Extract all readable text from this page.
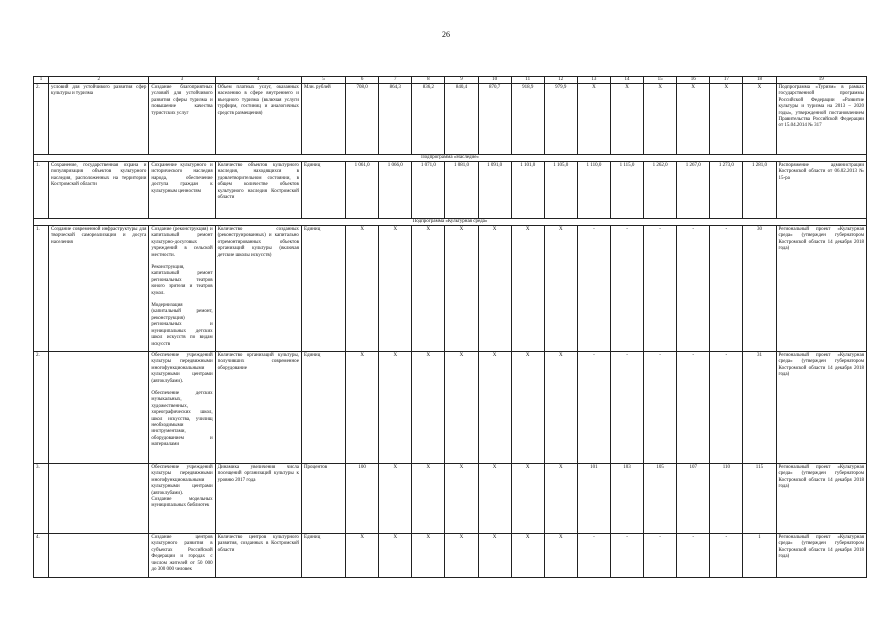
26
1	2	3	4	5	6	7	8	9	10	11	12	13	14	15	16	17	18	19
2.	условий для устойчивого развития сфер культуры и туризма	Создание благоприятных условий для устойчивого развития сферы туризма и повышение качества туристских услуг	Объем платных услуг, оказанных населению в сфере внутреннего и въездного туризма (включая услуги турфирм, гостиниц и аналогичных средств размещения)	Млн. рублей	708,0	864,3	836,2	840,4	870,7	918,9	979,9	Х	Х	Х	Х	Х	Х	Подпрограмма «Туризм» в рамках государственной программы Российской Федерации «Развитие культуры и туризма на 2013 – 2020 годы», утвержденной постановлением Правительства Российской Федерации от 15.04.2014 № 317
Подпрограмма «Наследие»																		
1.	Сохранение, государственная охрана и популяризация объектов культурного наследия, расположенных на территории Костромской области	Сохранение культурного и исторического наследия народа, обеспечение доступа граждан к культурным ценностям	Количество объектов культурного наследия, находящихся в удовлетворительном состоянии, в общем количестве объектов культурного наследия Костромской области	Единиц	1 061,0	1 066,0	1 071,0	1 081,0	1 091,0	1 101,0	1 105,0	1 110,0	1 115,0	1 262,0	1 267,0	1 273,0	1 281,0	Распоряжение администрации Костромской области от 06.02.2013 № 15-ра
Подпрограмма «Культурная среда»																		
1.	Создание современной инфраструктуры для творческой самореализации и досуга населения	Создание (реконструкция) и капитальный ремонт культурно-досуговых учреждений в сельской местности.
Реконструкция, капитальный ремонт региональных театров юного зрителя и театров кукол.
Модернизация (капитальный ремонт, реконструкция) региональных и муниципальных детских школ искусств по видам искусств	Количество созданных (реконструированных) и капитально отремонтированных объектов организаций культуры (включая детские школы искусств)	Единиц	Х	Х	Х	Х	Х	Х	Х	-	-	-	-	-	30	Региональный проект «Культурная среда» (утвержден губернатором Костромской области 14 декабря 2018 года)
2.		Обеспечение учреждений культуры передвижными многофункциональными культурными центрами (автоклубами).
Обеспечение детских музыкальных, художественных, хореографических школ, школ искусства, училищ необходимыми инструментами, оборудованием и материалами	Количество организаций культуры, получивших современное оборудование	Единиц	Х	Х	Х	Х	Х	Х	Х	-	-	-	-	-	31	Региональный проект «Культурная среда» (утвержден губернатором Костромской области 14 декабря 2018 года)
3.		Обеспечение учреждений культуры передвижными многофункциональными культурными центрами (автоклубами).
Создание модельных муниципальных библиотек	Динамика увеличения числа посещений организаций культуры к уровню 2017 года	Процентов	100	Х	Х	Х	Х	Х	Х	101	103	105	107	110	115	Региональный проект «Культурная среда» (утвержден губернатором Костромской области 14 декабря 2018 года)
4.		Создание центров культурного развития в субъектах Российской Федерации и городах с числом жителей от 50 000 до 300 000 человек	Количество центров культурного развития, созданных в Костромской области	Единиц	Х	Х	Х	Х	Х	Х	Х	-	-	-	-	-	1	Региональный проект «Культурная среда» (утвержден губернатором Костромской области 14 декабря 2018 года)
